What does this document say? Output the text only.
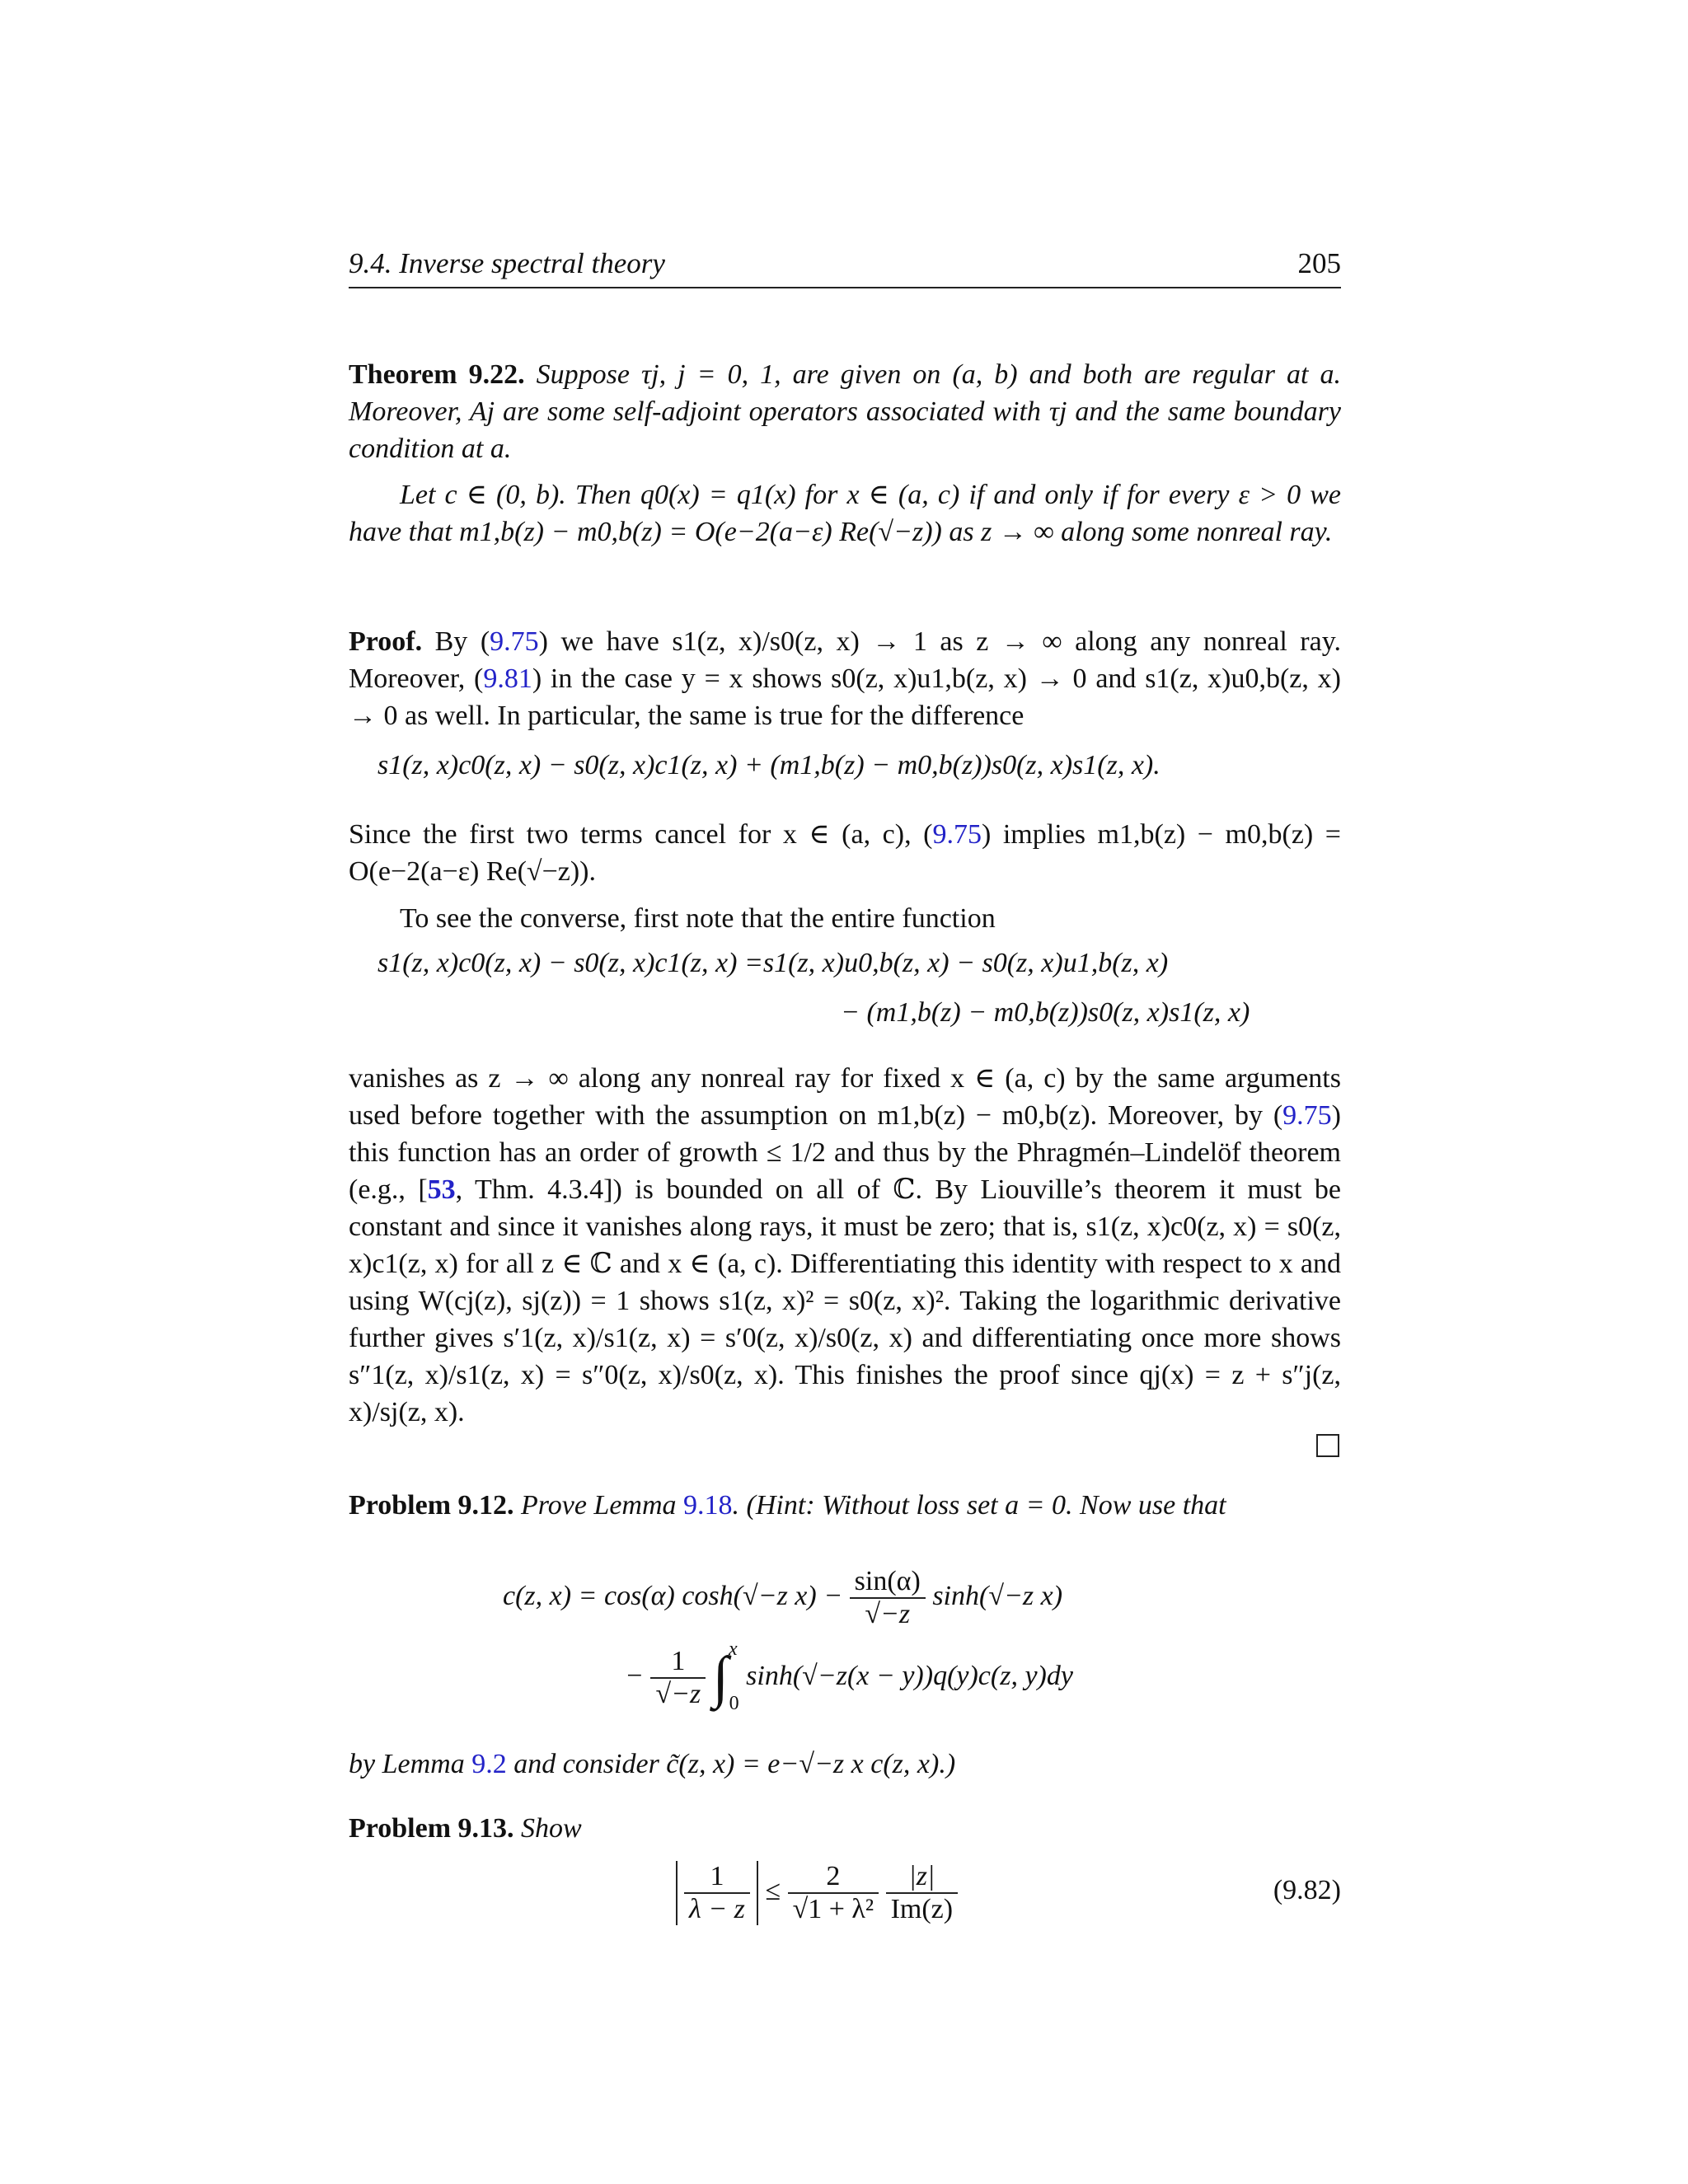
9.4. Inverse spectral theory	205
Theorem 9.22. Suppose τj, j = 0, 1, are given on (a, b) and both are regular at a. Moreover, Aj are some self-adjoint operators associated with τj and the same boundary condition at a.
Let c ∈ (0, b). Then q0(x) = q1(x) for x ∈ (a, c) if and only if for every ε > 0 we have that m1,b(z) − m0,b(z) = O(e−2(a−ε) Re(√−z)) as z → ∞ along some nonreal ray.
Proof. By (9.75) we have s1(z, x)/s0(z, x) → 1 as z → ∞ along any nonreal ray. Moreover, (9.81) in the case y = x shows s0(z, x)u1,b(z, x) → 0 and s1(z, x)u0,b(z, x) → 0 as well. In particular, the same is true for the difference
s1(z, x)c0(z, x) − s0(z, x)c1(z, x) + (m1,b(z) − m0,b(z))s0(z, x)s1(z, x).
Since the first two terms cancel for x ∈ (a, c), (9.75) implies m1,b(z) − m0,b(z) = O(e−2(a−ε) Re(√−z)).
To see the converse, first note that the entire function
s1(z, x)c0(z, x) − s0(z, x)c1(z, x) =s1(z, x)u0,b(z, x) − s0(z, x)u1,b(z, x)
− (m1,b(z) − m0,b(z))s0(z, x)s1(z, x)
vanishes as z → ∞ along any nonreal ray for fixed x ∈ (a, c) by the same arguments used before together with the assumption on m1,b(z) − m0,b(z). Moreover, by (9.75) this function has an order of growth ≤ 1/2 and thus by the Phragmén–Lindelöf theorem (e.g., [53, Thm. 4.3.4]) is bounded on all of ℂ. By Liouville’s theorem it must be constant and since it vanishes along rays, it must be zero; that is, s1(z, x)c0(z, x) = s0(z, x)c1(z, x) for all z ∈ ℂ and x ∈ (a, c). Differentiating this identity with respect to x and using W(cj(z), sj(z)) = 1 shows s1(z, x)² = s0(z, x)². Taking the logarithmic derivative further gives s′1(z, x)/s1(z, x) = s′0(z, x)/s0(z, x) and differentiating once more shows s″1(z, x)/s1(z, x) = s″0(z, x)/s0(z, x). This finishes the proof since qj(x) = z + s″j(z, x)/sj(z, x).
Problem 9.12. Prove Lemma 9.18. (Hint: Without loss set a = 0. Now use that
c(z, x) = cos(α) cosh(√−z $x) - \frac{\sin(\alpha)}{√-z} \sinh(√-z$ x)
− $\frac{1}{√-z} \int^x_0$ sinh(√−z(x − y))q(y)c(z, y)dy
by Lemma 9.2 and consider c̃(z, x) = e−√−z x c(z, x).)
Problem 9.13. Show
$\frac{1}{\lambda - z} \le \frac{2}{\text{√1 + λ²}}$
$\frac{|z|}{Im(z)}$	(9.82)
